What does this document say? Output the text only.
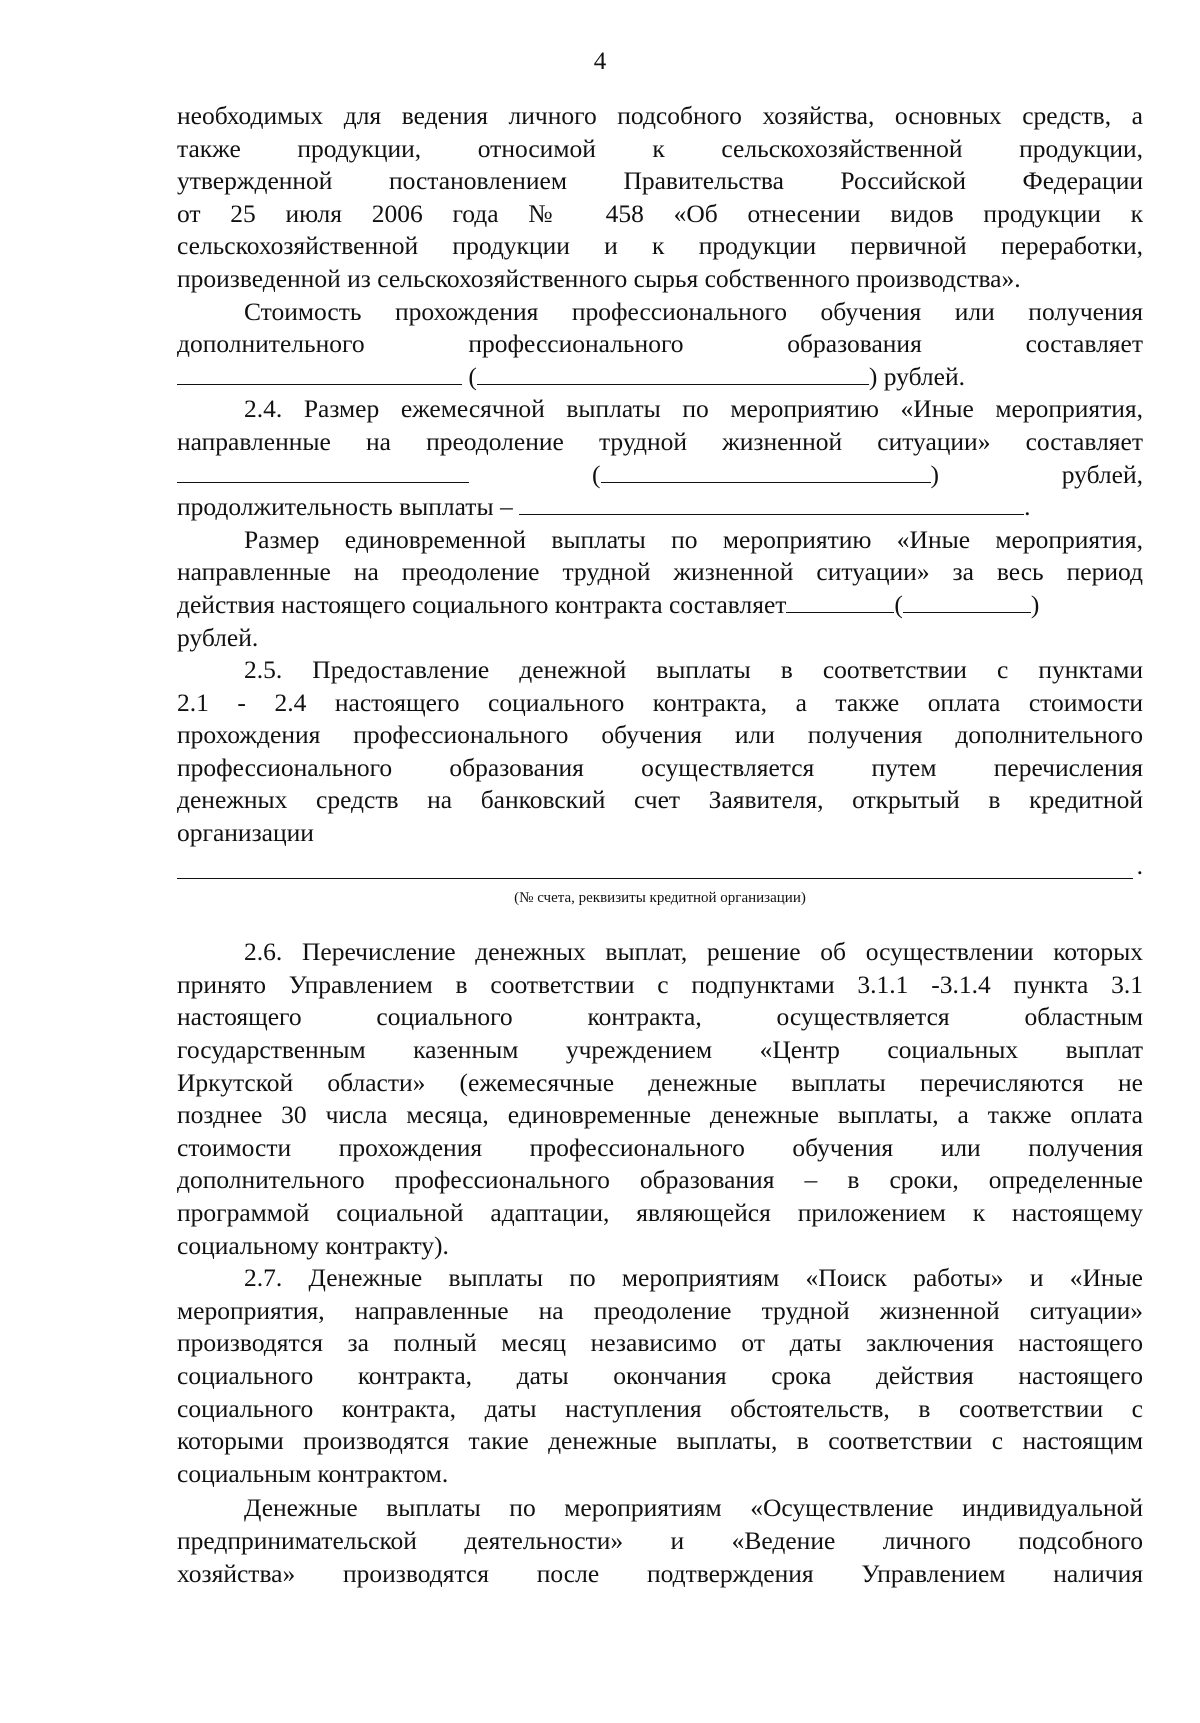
4
необходимых для ведения личного подсобного хозяйства, основных средств, а
также продукции, относимой к сельскохозяйственной продукции,
утвержденной постановлением Правительства Российской Федерации
от 25 июля 2006 года № 458 «Об отнесении видов продукции к
сельскохозяйственной продукции и к продукции первичной переработки,
произведенной из сельскохозяйственного сырья собственного производства».
Стоимость прохождения профессионального обучения или получения
дополнительного профессионального образования составляет
(	) рублей.
2.4. Размер ежемесячной выплаты по мероприятию «Иные мероприятия,
направленные на преодоление трудной жизненной ситуации» составляет
(	)	рублей,
продолжительность выплаты –	.
Размер единовременной выплаты по мероприятию «Иные мероприятия,
направленные на преодоление трудной жизненной ситуации» за весь период
действия настоящего социального контракта составляет	(	)
рублей.
2.5. Предоставление денежной выплаты в соответствии с пунктами
2.1 - 2.4 настоящего социального контракта, а также оплата стоимости
прохождения профессионального обучения или получения дополнительного
профессионального образования осуществляется путем перечисления
денежных средств на банковский счет Заявителя, открытый в кредитной
организации
.
(№ счета, реквизиты кредитной организации)
2.6. Перечисление денежных выплат, решение об осуществлении которых
принято Управлением в соответствии с подпунктами 3.1.1 -3.1.4 пункта 3.1
настоящего социального контракта, осуществляется областным
государственным казенным учреждением «Центр социальных выплат
Иркутской области» (ежемесячные денежные выплаты перечисляются не
позднее 30 числа месяца, единовременные денежные выплаты, а также оплата
стоимости прохождения профессионального обучения или получения
дополнительного профессионального образования – в сроки, определенные
программой социальной адаптации, являющейся приложением к настоящему
социальному контракту).
2.7. Денежные выплаты по мероприятиям «Поиск работы» и «Иные
мероприятия, направленные на преодоление трудной жизненной ситуации»
производятся за полный месяц независимо от даты заключения настоящего
социального контракта, даты окончания срока действия настоящего
социального контракта, даты наступления обстоятельств, в соответствии с
которыми производятся такие денежные выплаты, в соответствии с настоящим
социальным контрактом.
Денежные выплаты по мероприятиям «Осуществление индивидуальной
предпринимательской деятельности» и «Ведение личного подсобного
хозяйства» производятся после подтверждения Управлением наличия
